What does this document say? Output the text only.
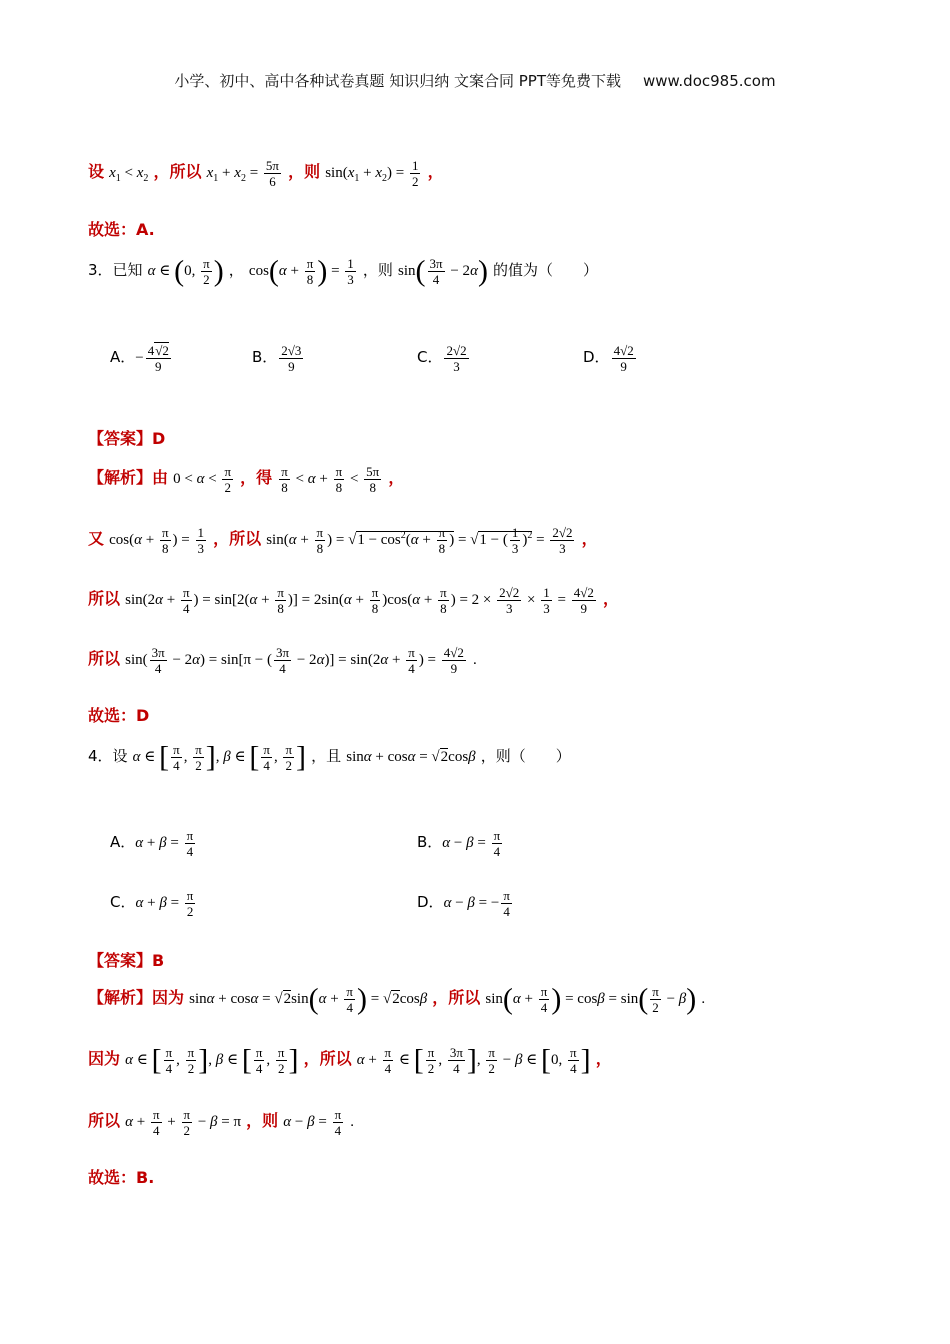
小学、初中、高中各种试卷真题 知识归纳 文案合同 PPT等免费下载 www.doc985.com
设 $x_1 < x_2$ ，所以 $x_1 + x_2 = \frac{5\pi}{6}$ ，则 $\sin(x_1 + x_2) = \frac{1}{2}$ ，
故选：A.
3．已知 α ∈ (0, $\frac{\pi}{2}$ ) ， $\cos(\alpha + \frac{\pi}{8}$ ) = $\frac{1}{3}$ ，则 $\sin( \frac{3\pi}{4} - 2\alpha)$ 的值为（　　）
A．− $\frac{4√2}{9}$	B． $\frac{2√3}{9}$	C． $\frac{2√2}{3}$	D． $\frac{4√2}{9}$
【答案】D
【解析】由 $0 < \alpha < \frac{\pi}{2}$ ，得 $\frac{\pi}{8} < \alpha + \frac{\pi}{8} < \frac{5\pi}{8}$ ，
又 $\cos(\alpha + \frac{\pi}{8}$ ) = $\frac{1}{3}$ ，所以 $\sin(\alpha + \frac{\pi}{8}$ ) = $√1 - \cos^2(\alpha + \frac{\pi}{8}$ ) = √1 − ( $\frac{1}{3} )^2 = \frac{2√2}{3}$ ，
所以 $\sin(2\alpha + \frac{\pi}{4}$ ) = $\sin[2(\alpha + \frac{\pi}{8}$ )] = $2\sin(\alpha + \frac{\pi}{8} )\cos(\alpha + \frac{\pi}{8}$ ) = $2 \times \frac{2√2}{3} \times \frac{1}{3} = \frac{4√2}{9}$ ，
所以 $\sin( \frac{3\pi}{4} - 2\alpha) = \sin[\pi$ − ( $\frac{3\pi}{4} - 2\alpha)] = \sin(2\alpha + \frac{\pi}{4}$ ) = $\frac{4√2}{9}$ .
故选：D
4．设 α ∈ [ $\frac{\pi}{4}$ , $\frac{\pi}{2}$ ], β ∈ [ $\frac{\pi}{4}$ , $\frac{\pi}{2}$ ] ，且 sinα + cosα = √2cosβ ，则（　　）
A．$\alpha + \beta = \frac{\pi}{4}$	B．$\alpha - \beta = \frac{\pi}{4}$
C．$\alpha + \beta = \frac{\pi}{2}$	D．α − β = − $\frac{\pi}{4}$
【答案】B
【解析】因为 $\sin\alpha + \cos\alpha = √2\sin(\alpha + \frac{\pi}{4}$ ) = √2cosβ ，所以 $\sin(\alpha + \frac{\pi}{4}$ ) = $\cos\beta = \sin( \frac{\pi}{2} - \beta)$ .
因为 α ∈ [ $\frac{\pi}{4}$ , $\frac{\pi}{2}$ ], β ∈ [ $\frac{\pi}{4}$ , $\frac{\pi}{2}$ ] ，所以 $\alpha + \frac{\pi}{4}$ ∈ [ $\frac{\pi}{2}$ , $\frac{3\pi}{4}$ ], $\frac{\pi}{2} - \beta$ ∈ [0, $\frac{\pi}{4}$ ] ，
所以 $\alpha + \frac{\pi}{4} + \frac{\pi}{2} - \beta = \pi$ ，则 $\alpha - \beta = \frac{\pi}{4}$ .
故选：B.
